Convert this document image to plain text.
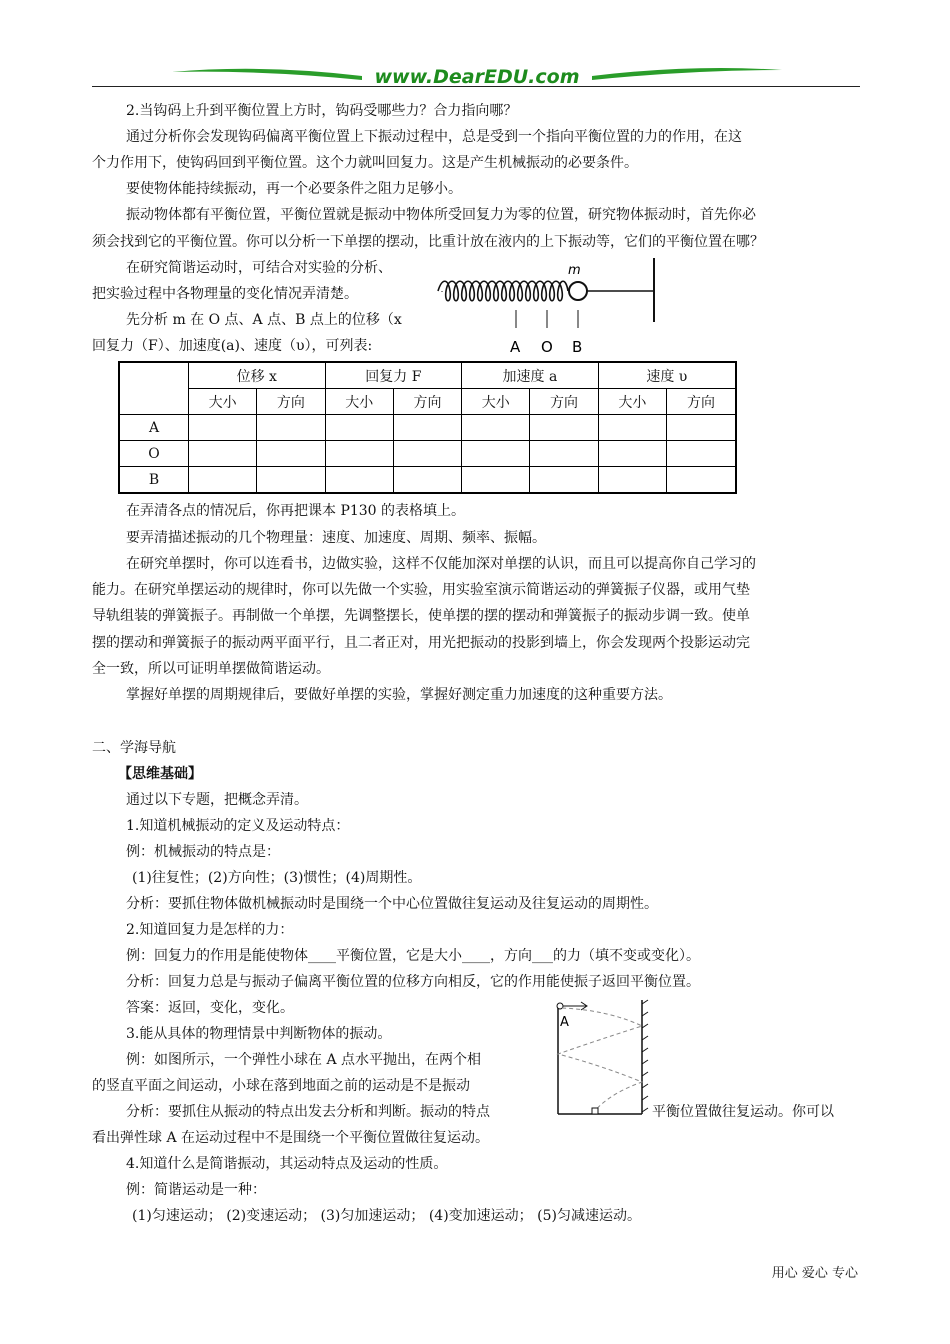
www.DearEDU.com
2.当钩码上升到平衡位置上方时，钩码受哪些力？合力指向哪？
通过分析你会发现钩码偏离平衡位置上下振动过程中，总是受到一个指向平衡位置的力的作用，在这
个力作用下，使钩码回到平衡位置。这个力就叫回复力。这是产生机械振动的必要条件。
要使物体能持续振动，再一个必要条件之阻力足够小。
振动物体都有平衡位置，平衡位置就是振动中物体所受回复力为零的位置，研究物体振动时，首先你必
须会找到它的平衡位置。你可以分析一下单摆的摆动，比重计放在液内的上下振动等，它们的平衡位置在哪？
在研究简谐运动时，可结合对实验的分析、
把实验过程中各物理量的变化情况弄清楚。
先分析 m 在 O 点、A 点、B 点上的位移（x
回复力（F）、加速度(a)、速度（υ），可列表:
m
A O B
	位移 x		回复力 F		加速度 a		速度 υ	
	大小	方向	大小	方向	大小	方向	大小	方向
A								
O								
B								
在弄清各点的情况后，你再把课本 P130 的表格填上。
要弄清描述振动的几个物理量：速度、加速度、周期、频率、振幅。
在研究单摆时，你可以连看书，边做实验，这样不仅能加深对单摆的认识，而且可以提高你自己学习的
能力。在研究单摆运动的规律时，你可以先做一个实验，用实验室演示简谐运动的弹簧振子仪器，或用气垫
导轨组装的弹簧振子。再制做一个单摆，先调整摆长，使单摆的摆的摆动和弹簧振子的振动步调一致。使单
摆的摆动和弹簧振子的振动两平面平行，且二者正对，用光把振动的投影到墙上，你会发现两个投影运动完
全一致，所以可证明单摆做简谐运动。
掌握好单摆的周期规律后，要做好单摆的实验，掌握好测定重力加速度的这种重要方法。
二、学海导航
【思维基础】
通过以下专题，把概念弄清。
1.知道机械振动的定义及运动特点：
例：机械振动的特点是：
(1)往复性；(2)方向性；(3)惯性；(4)周期性。
分析：要抓住物体做机械振动时是围绕一个中心位置做往复运动及往复运动的周期性。
2.知道回复力是怎样的力：
例：回复力的作用是能使物体____平衡位置，它是大小____，方向___的力（填不变或变化）。
分析：回复力总是与振动子偏离平衡位置的位移方向相反，它的作用能使振子返回平衡位置。
答案：返回，变化，变化。
3.能从具体的物理情景中判断物体的振动。
例：如图所示，一个弹性小球在 A 点水平抛出，在两个相
的竖直平面之间运动，小球在落到地面之前的运动是不是振动
分析：要抓住从振动的特点出发去分析和判断。振动的特点	平衡位置做往复运动。你可以
看出弹性球 A 在运动过程中不是围绕一个平衡位置做往复运动。
A
4.知道什么是简谐振动，其运动特点及运动的性质。
例：简谐运动是一种：
(1)匀速运动； (2)变速运动； (3)匀加速运动； (4)变加速运动； (5)匀减速运动。
用心 爱心 专心
